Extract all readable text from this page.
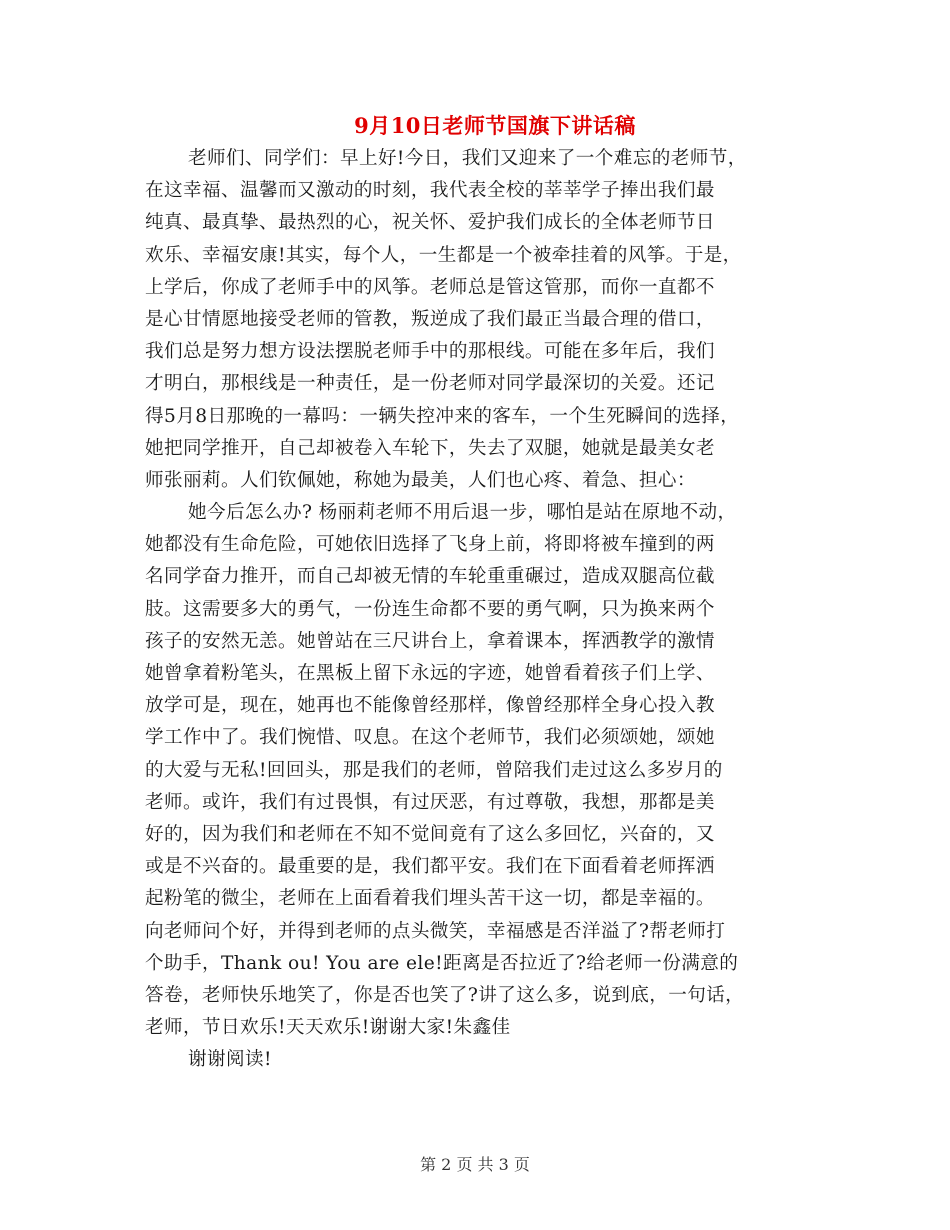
9月10日老师节国旗下讲话稿
老师们、同学们：早上好!今日，我们又迎来了一个难忘的老师节，
在这幸福、温馨而又激动的时刻，我代表全校的莘莘学子捧出我们最
纯真、最真挚、最热烈的心，祝关怀、爱护我们成长的全体老师节日
欢乐、幸福安康!其实，每个人，一生都是一个被牵挂着的风筝。于是，
上学后，你成了老师手中的风筝。老师总是管这管那，而你一直都不
是心甘情愿地接受老师的管教，叛逆成了我们最正当最合理的借口，
我们总是努力想方设法摆脱老师手中的那根线。可能在多年后，我们
才明白，那根线是一种责任，是一份老师对同学最深切的关爱。还记
得5月8日那晚的一幕吗：一辆失控冲来的客车，一个生死瞬间的选择，
她把同学推开，自己却被卷入车轮下，失去了双腿，她就是最美女老
师张丽莉。人们钦佩她，称她为最美，人们也心疼、着急、担心：
她今后怎么办? 杨丽莉老师不用后退一步，哪怕是站在原地不动，
她都没有生命危险，可她依旧选择了飞身上前，将即将被车撞到的两
名同学奋力推开，而自己却被无情的车轮重重碾过，造成双腿高位截
肢。这需要多大的勇气，一份连生命都不要的勇气啊，只为换来两个
孩子的安然无恙。她曾站在三尺讲台上，拿着课本，挥洒教学的激情
她曾拿着粉笔头，在黑板上留下永远的字迹，她曾看着孩子们上学、
放学可是，现在，她再也不能像曾经那样，像曾经那样全身心投入教
学工作中了。我们惋惜、叹息。在这个老师节，我们必须颂她，颂她
的大爱与无私!回回头，那是我们的老师，曾陪我们走过这么多岁月的
老师。或许，我们有过畏惧，有过厌恶，有过尊敬，我想，那都是美
好的，因为我们和老师在不知不觉间竟有了这么多回忆，兴奋的，又
或是不兴奋的。最重要的是，我们都平安。我们在下面看着老师挥洒
起粉笔的微尘，老师在上面看着我们埋头苦干这一切，都是幸福的。
向老师问个好，并得到老师的点头微笑，幸福感是否洋溢了?帮老师打
个助手，Thank ou! You are ele!距离是否拉近了?给老师一份满意的
答卷，老师快乐地笑了，你是否也笑了?讲了这么多，说到底，一句话，
老师，节日欢乐!天天欢乐!谢谢大家!朱鑫佳
谢谢阅读!
第 2 页 共 3 页
